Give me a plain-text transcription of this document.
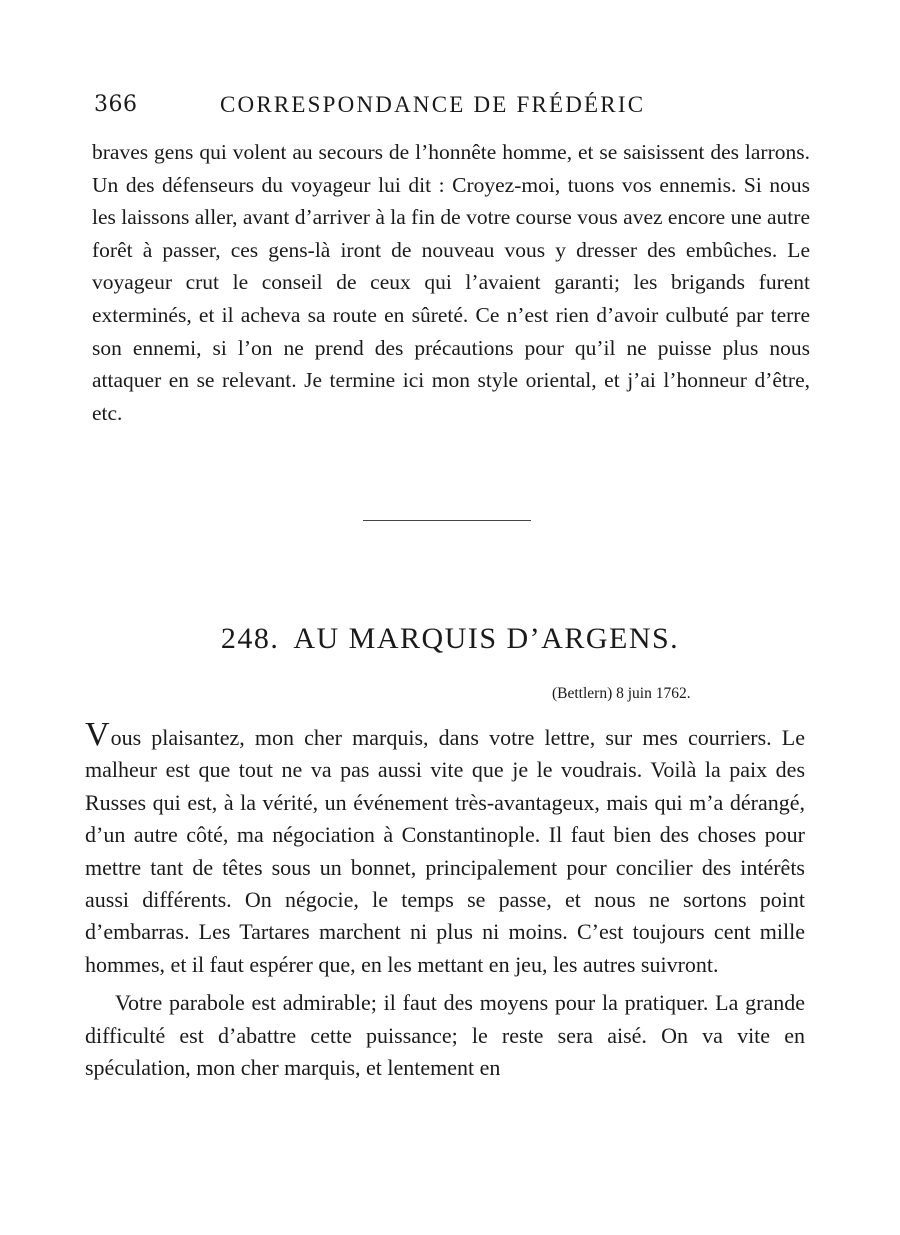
366	CORRESPONDANCE DE FRÉDÉRIC

braves gens qui volent au secours de l’honnête homme, et se saisissent des larrons. Un des défenseurs du voyageur lui dit : Croyez-moi, tuons vos ennemis. Si nous les laissons aller, avant d’arriver à la fin de votre course vous avez encore une autre forêt à passer, ces gens-là iront de nouveau vous y dresser des embûches. Le voyageur crut le conseil de ceux qui l’avaient garanti; les brigands furent exterminés, et il acheva sa route en sûreté. Ce n’est rien d’avoir culbuté par terre son ennemi, si l’on ne prend des précautions pour qu’il ne puisse plus nous attaquer en se relevant. Je termine ici mon style oriental, et j’ai l’honneur d’être, etc.

248. AU MARQUIS D’ARGENS.
(Bettlern) 8 juin 1762.

Vous plaisantez, mon cher marquis, dans votre lettre, sur mes courriers. Le malheur est que tout ne va pas aussi vite que je le voudrais. Voilà la paix des Russes qui est, à la vérité, un événement très-avantageux, mais qui m’a dérangé, d’un autre côté, ma négociation à Constantinople. Il faut bien des choses pour mettre tant de têtes sous un bonnet, principalement pour concilier des intérêts aussi différents. On négocie, le temps se passe, et nous ne sortons point d’embarras. Les Tartares marchent ni plus ni moins. C’est toujours cent mille hommes, et il faut espérer que, en les mettant en jeu, les autres suivront.

Votre parabole est admirable; il faut des moyens pour la pratiquer. La grande difficulté est d’abattre cette puissance; le reste sera aisé. On va vite en spéculation, mon cher marquis, et lentement en
